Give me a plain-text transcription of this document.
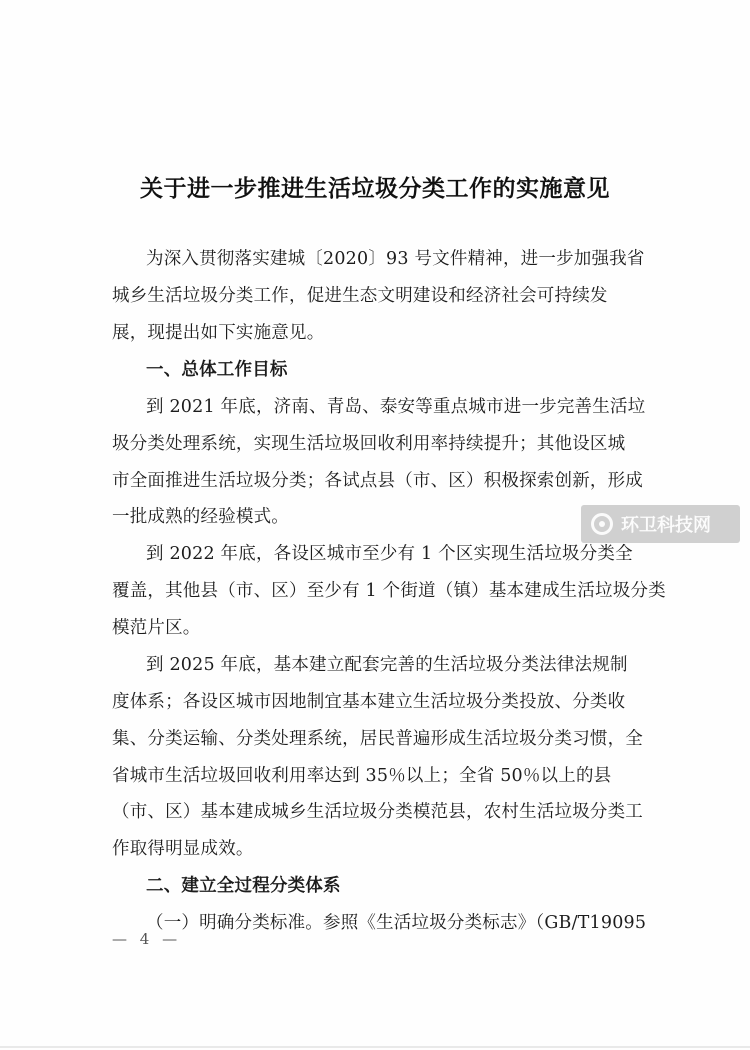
关于进一步推进生活垃圾分类工作的实施意见
为深入贯彻落实建城〔2020〕93 号文件精神，进一步加强我省
城乡生活垃圾分类工作，促进生态文明建设和经济社会可持续发
展，现提出如下实施意见。
一、总体工作目标
到 2021 年底，济南、青岛、泰安等重点城市进一步完善生活垃
圾分类处理系统，实现生活垃圾回收利用率持续提升；其他设区城
市全面推进生活垃圾分类；各试点县（市、区）积极探索创新，形成
一批成熟的经验模式。
到 2022 年底，各设区城市至少有 1 个区实现生活垃圾分类全
覆盖，其他县（市、区）至少有 1 个街道（镇）基本建成生活垃圾分类
模范片区。
到 2025 年底，基本建立配套完善的生活垃圾分类法律法规制
度体系；各设区城市因地制宜基本建立生活垃圾分类投放、分类收
集、分类运输、分类处理系统，居民普遍形成生活垃圾分类习惯，全
省城市生活垃圾回收利用率达到 35％以上；全省 50％以上的县
（市、区）基本建成城乡生活垃圾分类模范县，农村生活垃圾分类工
作取得明显成效。
二、建立全过程分类体系
（一）明确分类标准。参照《生活垃圾分类标志》（GB/T19095
— 4 —
环卫科技网
